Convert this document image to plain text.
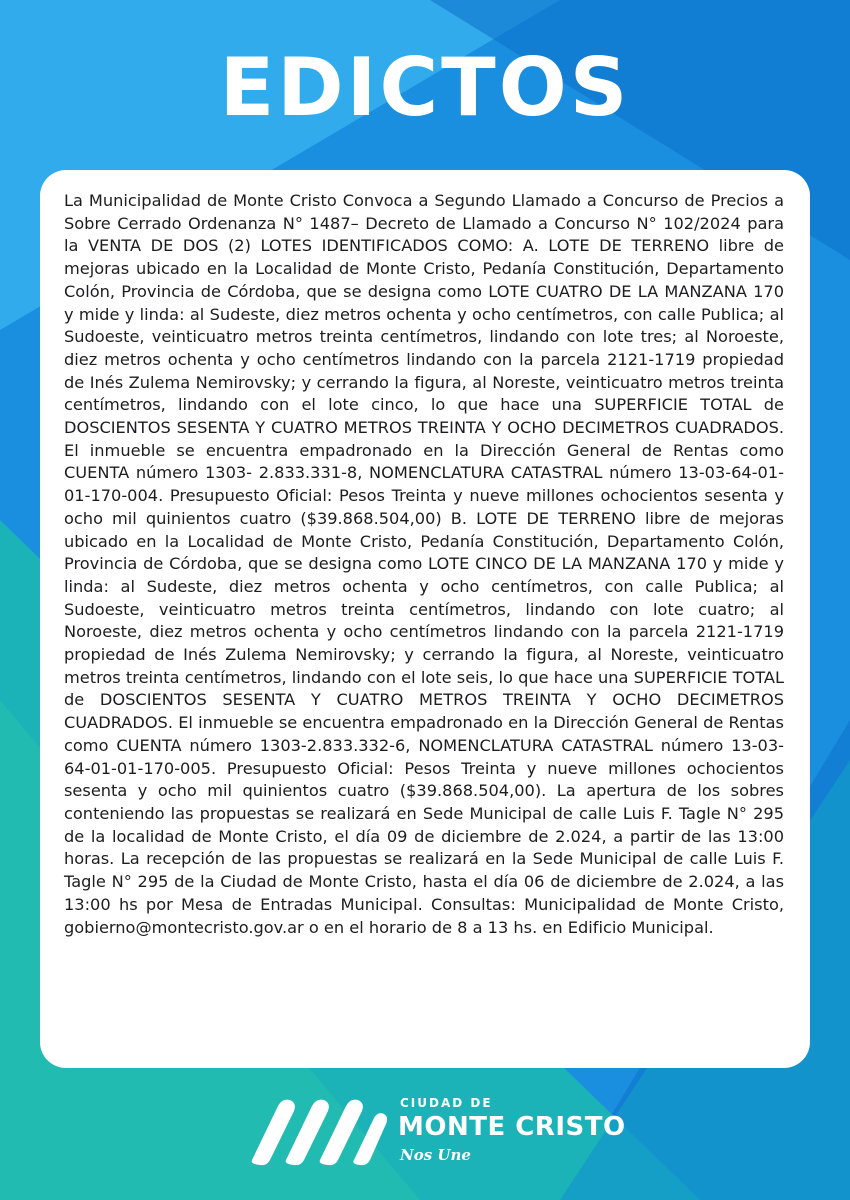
EDICTOS

La Municipalidad de Monte Cristo Convoca a Segundo Llamado a Concurso de Precios a Sobre Cerrado Ordenanza N° 1487– Decreto de Llamado a Concurso N° 102/2024 para la VENTA DE DOS (2) LOTES IDENTIFICADOS COMO: A. LOTE DE TERRENO libre de mejoras ubicado en la Localidad de Monte Cristo, Pedanía Constitución, Departamento Colón, Provincia de Córdoba, que se designa como LOTE CUATRO DE LA MANZANA 170 y mide y linda: al Sudeste, diez metros ochenta y ocho centímetros, con calle Publica; al Sudoeste, veinticuatro metros treinta centímetros, lindando con lote tres; al Noroeste, diez metros ochenta y ocho centímetros lindando con la parcela 2121-1719 propiedad de Inés Zulema Nemirovsky; y cerrando la figura, al Noreste, veinticuatro metros treinta centímetros, lindando con el lote cinco, lo que hace una SUPERFICIE TOTAL de DOSCIENTOS SESENTA Y CUATRO METROS TREINTA Y OCHO DECIMETROS CUADRADOS. El inmueble se encuentra empadronado en la Dirección General de Rentas como CUENTA número 1303- 2.833.331-8, NOMENCLATURA CATASTRAL número 13-03-64-01-01-170-004. Presupuesto Oficial: Pesos Treinta y nueve millones ochocientos sesenta y ocho mil quinientos cuatro ($39.868.504,00) B. LOTE DE TERRENO libre de mejoras ubicado en la Localidad de Monte Cristo, Pedanía Constitución, Departamento Colón, Provincia de Córdoba, que se designa como LOTE CINCO DE LA MANZANA 170 y mide y linda: al Sudeste, diez metros ochenta y ocho centímetros, con calle Publica; al Sudoeste, veinticuatro metros treinta centímetros, lindando con lote cuatro; al Noroeste, diez metros ochenta y ocho centímetros lindando con la parcela 2121-1719 propiedad de Inés Zulema Nemirovsky; y cerrando la figura, al Noreste, veinticuatro metros treinta centímetros, lindando con el lote seis, lo que hace una SUPERFICIE TOTAL de DOSCIENTOS SESENTA Y CUATRO METROS TREINTA Y OCHO DECIMETROS CUADRADOS. El inmueble se encuentra empadronado en la Dirección General de Rentas como CUENTA número 1303-2.833.332-6, NOMENCLATURA CATASTRAL número 13-03-64-01-01-170-005. Presupuesto Oficial: Pesos Treinta y nueve millones ochocientos sesenta y ocho mil quinientos cuatro ($39.868.504,00). La apertura de los sobres conteniendo las propuestas se realizará en Sede Municipal de calle Luis F. Tagle N° 295 de la localidad de Monte Cristo, el día 09 de diciembre de 2.024, a partir de las 13:00 horas. La recepción de las propuestas se realizará en la Sede Municipal de calle Luis F. Tagle N° 295 de la Ciudad de Monte Cristo, hasta el día 06 de diciembre de 2.024, a las 13:00 hs por Mesa de Entradas Municipal. Consultas: Municipalidad de Monte Cristo, gobierno@montecristo.gov.ar o en el horario de 8 a 13 hs. en Edificio Municipal.

CIUDAD DE
MONTE CRISTO
Nos Une
